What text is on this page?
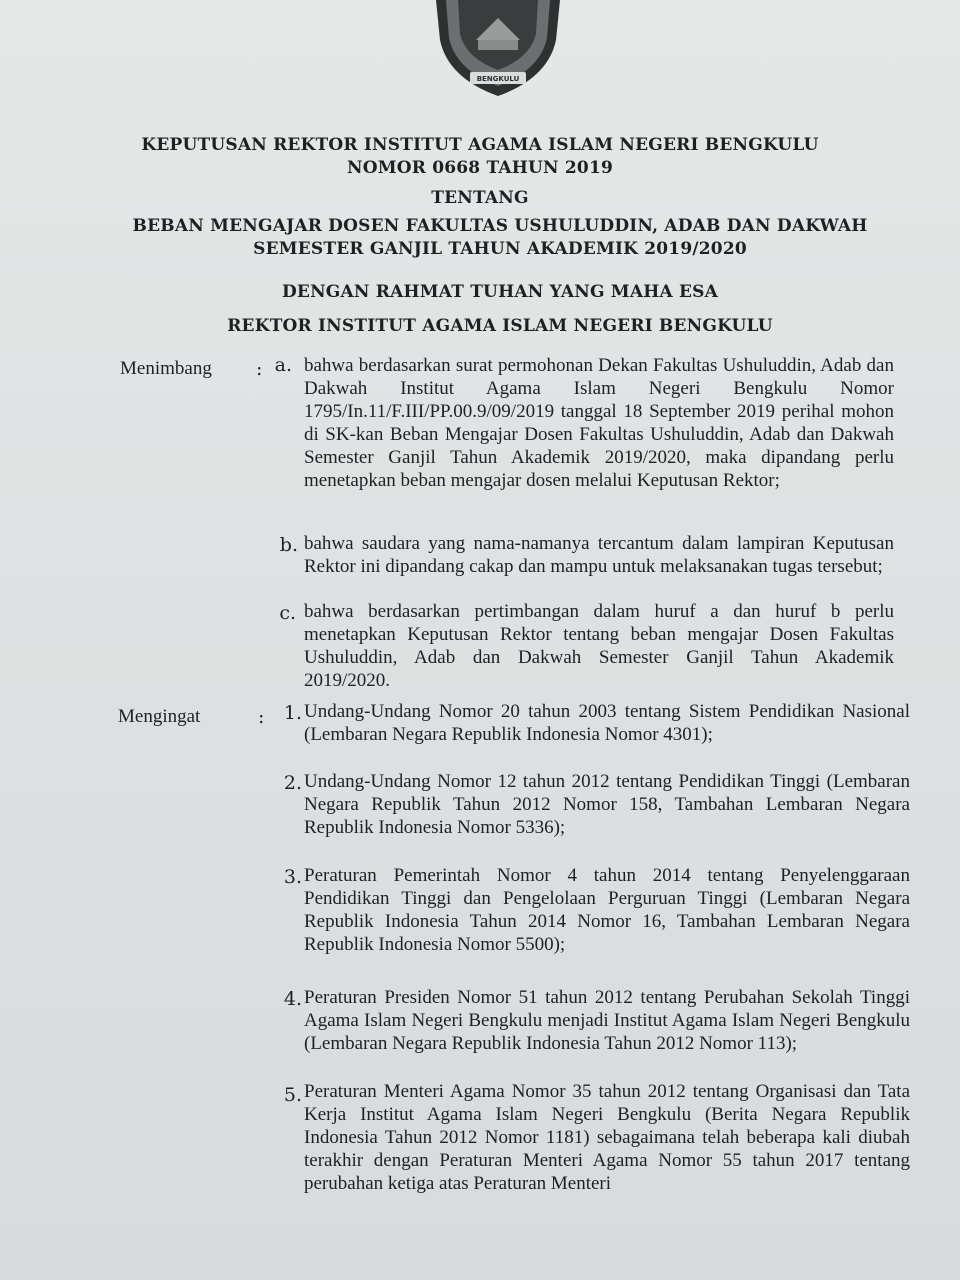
BENGKULU
KEPUTUSAN REKTOR INSTITUT AGAMA ISLAM NEGERI BENGKULU
NOMOR 0668 TAHUN 2019
TENTANG
BEBAN MENGAJAR DOSEN FAKULTAS USHULUDDIN, ADAB DAN DAKWAH
SEMESTER GANJIL TAHUN AKADEMIK 2019/2020
DENGAN RAHMAT TUHAN YANG MAHA ESA
REKTOR INSTITUT AGAMA ISLAM NEGERI BENGKULU
Menimbang : a. bahwa berdasarkan surat permohonan Dekan Fakultas Ushuluddin, Adab dan Dakwah Institut Agama Islam Negeri Bengkulu Nomor 1795/In.11/F.III/PP.00.9/09/2019 tanggal 18 September 2019 perihal mohon di SK-kan Beban Mengajar Dosen Fakultas Ushuluddin, Adab dan Dakwah Semester Ganjil Tahun Akademik 2019/2020, maka dipandang perlu menetapkan beban mengajar dosen melalui Keputusan Rektor;
b. bahwa saudara yang nama-namanya tercantum dalam lampiran Keputusan Rektor ini dipandang cakap dan mampu untuk melaksanakan tugas tersebut;
c. bahwa berdasarkan pertimbangan dalam huruf a dan huruf b perlu menetapkan Keputusan Rektor tentang beban mengajar Dosen Fakultas Ushuluddin, Adab dan Dakwah Semester Ganjil Tahun Akademik 2019/2020.
Mengingat	: 1. Undang-Undang Nomor 20 tahun 2003 tentang Sistem Pendidikan Nasional (Lembaran Negara Republik Indonesia Nomor 4301);
2. Undang-Undang Nomor 12 tahun 2012 tentang Pendidikan Tinggi (Lembaran Negara Republik Tahun 2012 Nomor 158, Tambahan Lembaran Negara Republik Indonesia Nomor 5336);
3. Peraturan Pemerintah Nomor 4 tahun 2014 tentang Penyelenggaraan Pendidikan Tinggi dan Pengelolaan Perguruan Tinggi (Lembaran Negara Republik Indonesia Tahun 2014 Nomor 16, Tambahan Lembaran Negara Republik Indonesia Nomor 5500);
4. Peraturan Presiden Nomor 51 tahun 2012 tentang Perubahan Sekolah Tinggi Agama Islam Negeri Bengkulu menjadi Institut Agama Islam Negeri Bengkulu (Lembaran Negara Republik Indonesia Tahun 2012 Nomor 113);
5. Peraturan Menteri Agama Nomor 35 tahun 2012 tentang Organisasi dan Tata Kerja Institut Agama Islam Negeri Bengkulu (Berita Negara Republik Indonesia Tahun 2012 Nomor 1181) sebagaimana telah beberapa kali diubah terakhir dengan Peraturan Menteri Agama Nomor 55 tahun 2017 tentang perubahan ketiga atas Peraturan Menteri
